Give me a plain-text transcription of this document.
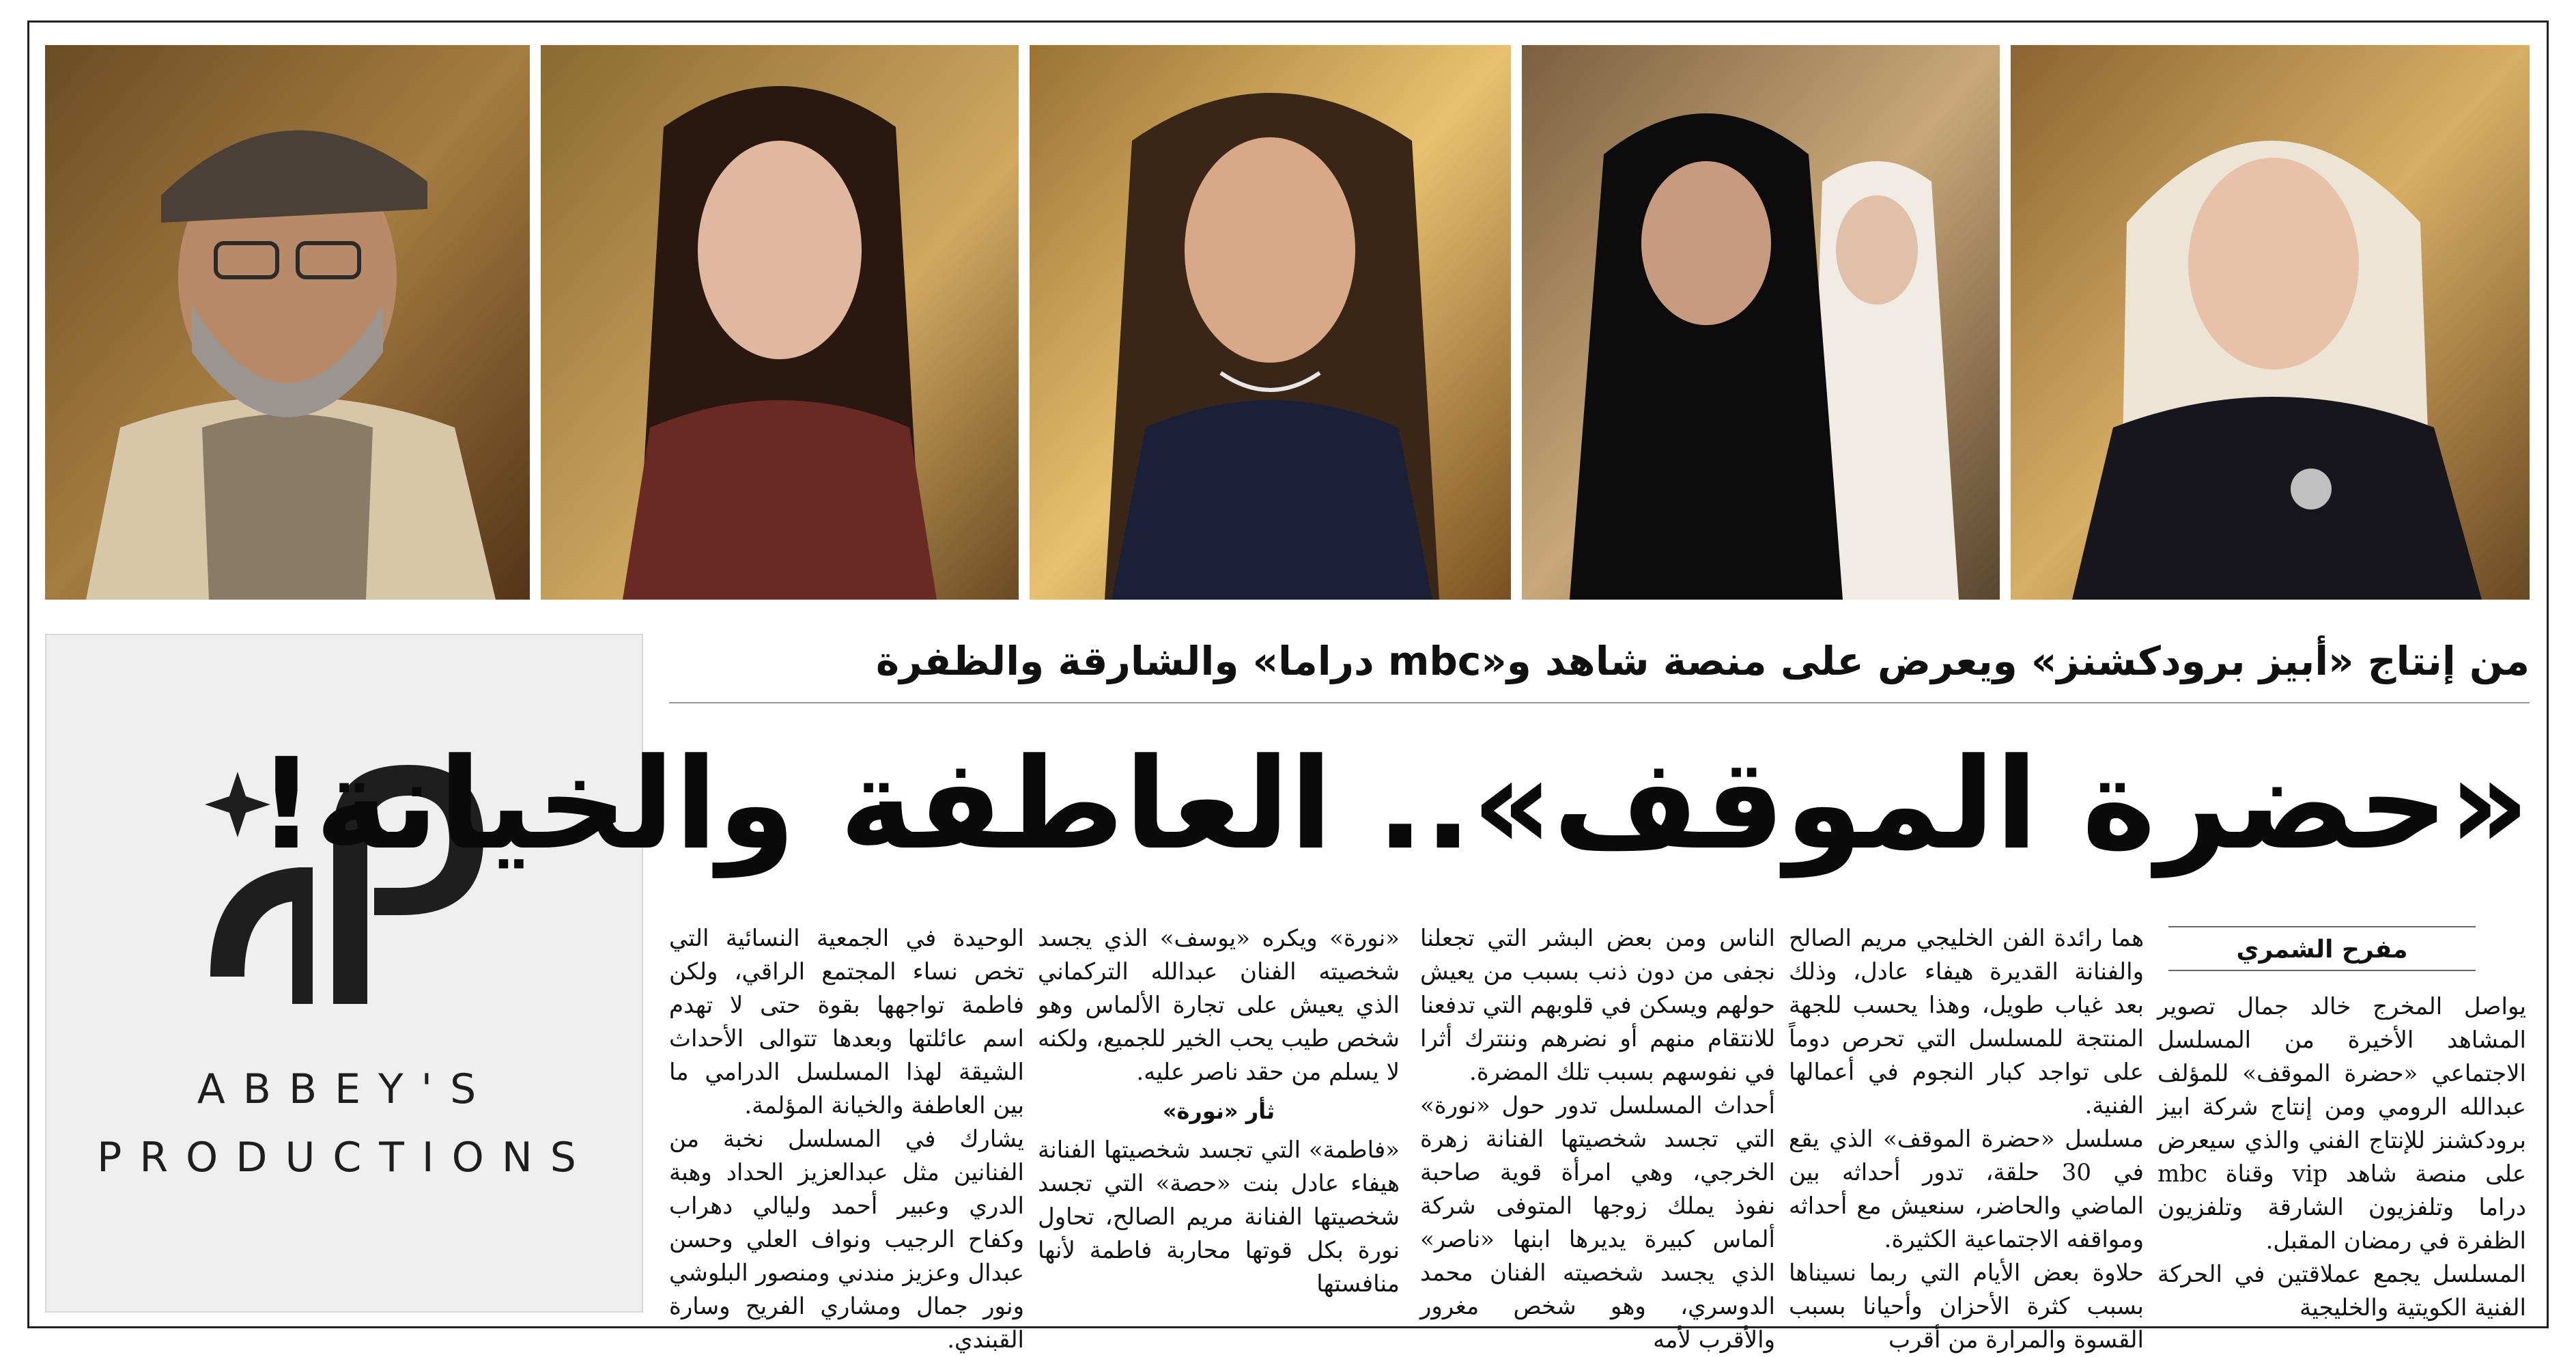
ABBEY'S
PRODUCTIONS
من إنتاج «أبيز برودكشنز» ويعرض على منصة شاهد و«mbc دراما» والشارقة والظفرة
«حضرة الموقف».. العاطفة والخيانة!
مفرح الشمري

يواصل المخرج خالد جمال تصوير المشاهد الأخيرة من المسلسل الاجتماعي «حضرة الموقف» للمؤلف عبدالله الرومي ومن إنتاج شركة ابيز برودكشنز للإنتاج الفني والذي سيعرض على منصة شاهد vip وقناة mbc دراما وتلفزيون الشارقة وتلفزيون الظفرة في رمضان المقبل.

المسلسل يجمع عملاقتين في الحركة الفنية الكويتية والخليجية

هما رائدة الفن الخليجي مريم الصالح والفنانة القديرة هيفاء عادل، وذلك بعد غياب طويل، وهذا يحسب للجهة المنتجة للمسلسل التي تحرص دوماً على تواجد كبار النجوم في أعمالها الفنية.

مسلسل «حضرة الموقف» الذي يقع في 30 حلقة، تدور أحداثه بين الماضي والحاضر، سنعيش مع أحداثه ومواقفه الاجتماعية الكثيرة.

حلاوة بعض الأيام التي ربما نسيناها بسبب كثرة الأحزان وأحيانا بسبب القسوة والمرارة من أقرب

الناس ومن بعض البشر التي تجعلنا نجفى من دون ذنب بسبب من يعيش حولهم ويسكن في قلوبهم التي تدفعنا للانتقام منهم أو نضرهم وننترك أثرا في نفوسهم بسبب تلك المضرة.

أحداث المسلسل تدور حول «نورة» التي تجسد شخصيتها الفنانة زهرة الخرجي، وهي امرأة قوية صاحبة نفوذ يملك زوجها المتوفى شركة ألماس كبيرة يديرها ابنها «ناصر» الذي يجسد شخصيته الفنان محمد الدوسري، وهو شخص مغرور والأقرب لأمه

«نورة» ويكره «يوسف» الذي يجسد شخصيته الفنان عبدالله التركماني الذي يعيش على تجارة الألماس وهو شخص طيب يحب الخير للجميع، ولكنه لا يسلم من حقد ناصر عليه.

ثأر «نورة»

«فاطمة» التي تجسد شخصيتها الفنانة هيفاء عادل بنت «حصة» التي تجسد شخصيتها الفنانة مريم الصالح، تحاول نورة بكل قوتها محاربة فاطمة لأنها منافستها

الوحيدة في الجمعية النسائية التي تخص نساء المجتمع الراقي، ولكن فاطمة تواجهها بقوة حتى لا تهدم اسم عائلتها وبعدها تتوالى الأحداث الشيقة لهذا المسلسل الدرامي ما بين العاطفة والخيانة المؤلمة.

يشارك في المسلسل نخبة من الفنانين مثل عبدالعزيز الحداد وهبة الدري وعبير أحمد وليالي دهراب وكفاح الرجيب ونواف العلي وحسن عبدال وعزيز مندني ومنصور البلوشي ونور جمال ومشاري الفريح وسارة القبندي.
